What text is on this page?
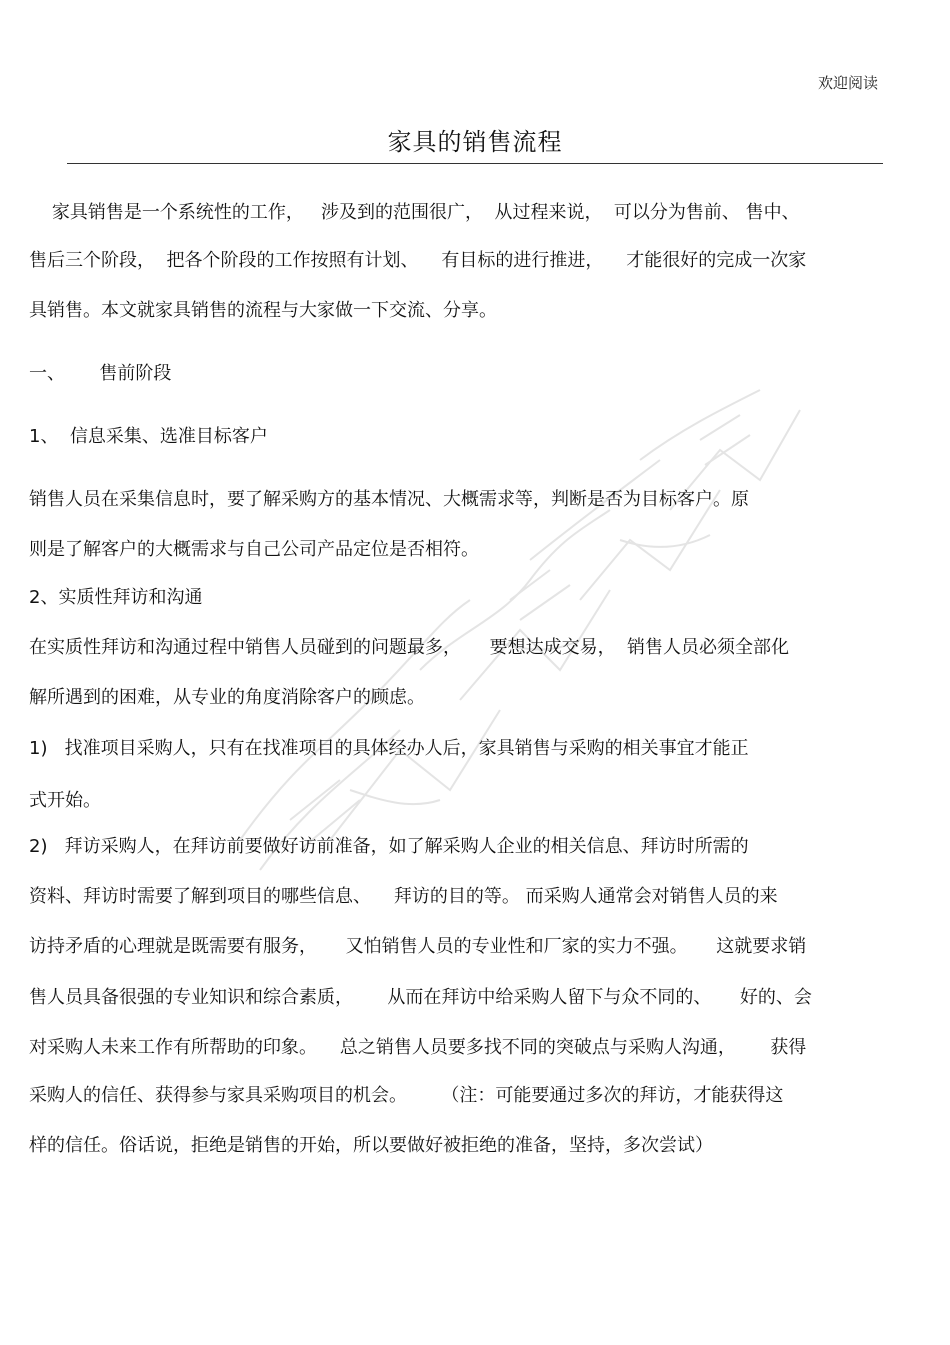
欢迎阅读
家具的销售流程
家具销售是一个系统性的工作，   涉及到的范围很广，  从过程来说，  可以分为售前、 售中、
售后三个阶段，  把各个阶段的工作按照有计划、    有目标的进行推进，    才能很好的完成一次家
具销售。本文就家具销售的流程与大家做一下交流、分享。
一、      售前阶段
1、  信息采集、选准目标客户
销售人员在采集信息时，要了解采购方的基本情况、大概需求等，判断是否为目标客户。原
则是了解客户的大概需求与自己公司产品定位是否相符。
2、实质性拜访和沟通
在实质性拜访和沟通过程中销售人员碰到的问题最多，     要想达成交易，  销售人员必须全部化
解所遇到的困难，从专业的角度消除客户的顾虑。
1)   找准项目采购人，只有在找准项目的具体经办人后，家具销售与采购的相关事宜才能正
式开始。
2)   拜访采购人，在拜访前要做好访前准备，如了解采购人企业的相关信息、拜访时所需的
资料、拜访时需要了解到项目的哪些信息、    拜访的目的等。 而采购人通常会对销售人员的来
访持矛盾的心理就是既需要有服务，     又怕销售人员的专业性和厂家的实力不强。     这就要求销
售人员具备很强的专业知识和综合素质，      从而在拜访中给采购人留下与众不同的、     好的、会
对采购人未来工作有所帮助的印象。    总之销售人员要多找不同的突破点与采购人沟通，      获得
采购人的信任、获得参与家具采购项目的机会。      （注：可能要通过多次的拜访，才能获得这
样的信任。俗话说，拒绝是销售的开始，所以要做好被拒绝的准备，坚持，多次尝试）
